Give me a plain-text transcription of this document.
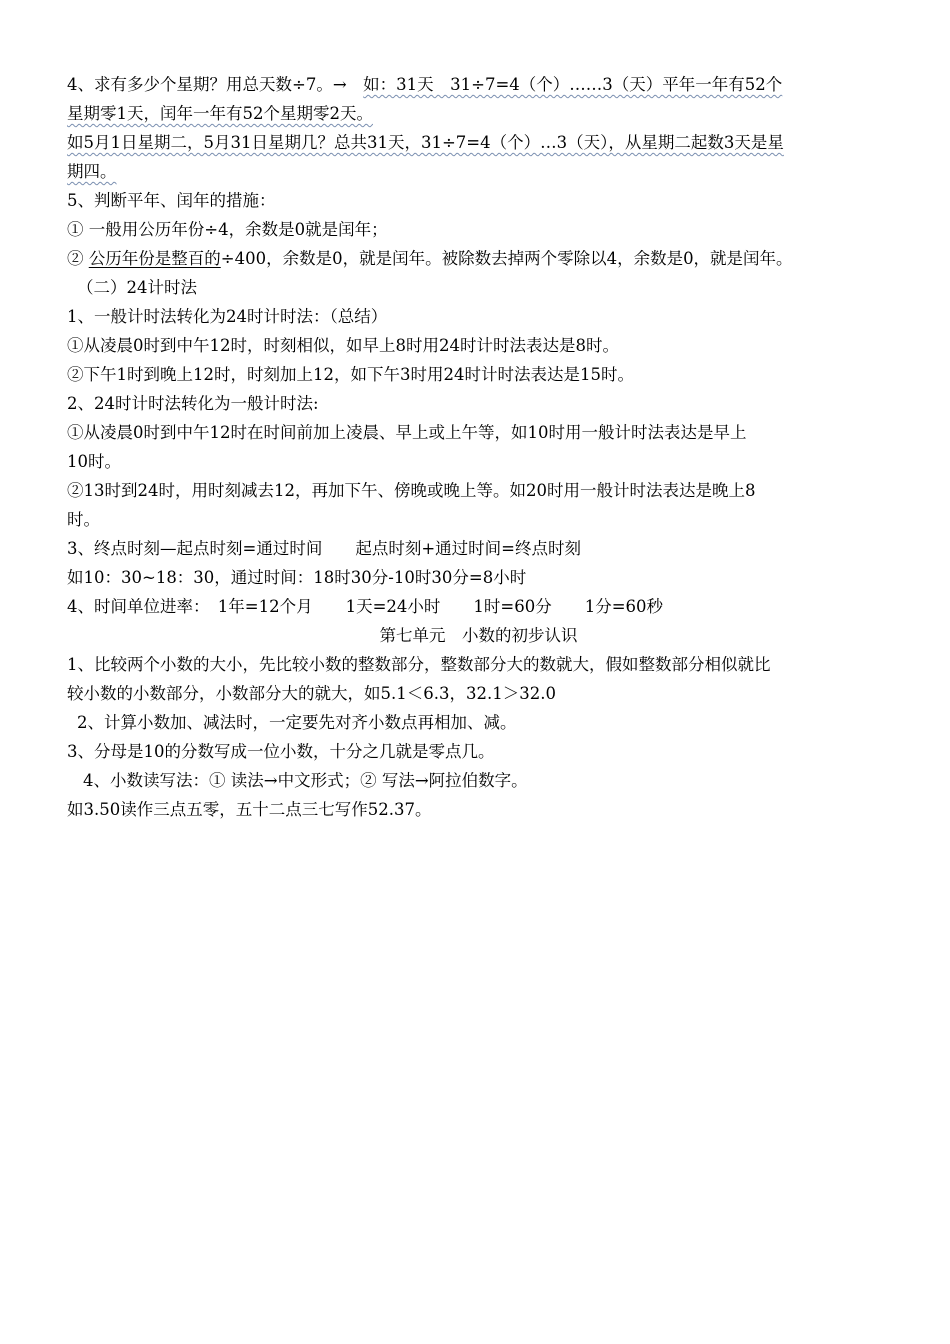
4、求有多少个星期？用总天数÷7。→　如：31天　31÷7=4（个）……3（天）平年一年有52个
星期零1天，闰年一年有52个星期零2天。
如5月1日星期二，5月31日星期几？总共31天，31÷7=4（个）…3（天），从星期二起数3天是星
期四。
5、判断平年、闰年的措施：
① 一般用公历年份÷4，余数是0就是闰年；
② 公历年份是整百的÷400，余数是0，就是闰年。被除数去掉两个零除以4，余数是0，就是闰年。
（二）24计时法
1、一般计时法转化为24时计时法：（总结）
①从凌晨0时到中午12时，时刻相似，如早上8时用24时计时法表达是8时。
②下午1时到晚上12时，时刻加上12，如下午3时用24时计时法表达是15时。
2、24时计时法转化为一般计时法:
①从凌晨0时到中午12时在时间前加上凌晨、早上或上午等，如10时用一般计时法表达是早上
10时。
②13时到24时，用时刻减去12，再加下午、傍晚或晚上等。如20时用一般计时法表达是晚上8
时。
3、终点时刻—起点时刻=通过时间　　起点时刻+通过时间=终点时刻
如10：30~18：30，通过时间：18时30分-10时30分=8小时
4、时间单位进率：　1年=12个月　　1天=24小时　　1时=60分　　1分=60秒
第七单元　小数的初步认识
1、比较两个小数的大小，先比较小数的整数部分，整数部分大的数就大，假如整数部分相似就比
较小数的小数部分，小数部分大的就大，如5.1＜6.3，32.1＞32.0
2、计算小数加、减法时，一定要先对齐小数点再相加、减。
3、分母是10的分数写成一位小数，十分之几就是零点几。
4、小数读写法：① 读法→中文形式；② 写法→阿拉伯数字。
如3.50读作三点五零，五十二点三七写作52.37。
